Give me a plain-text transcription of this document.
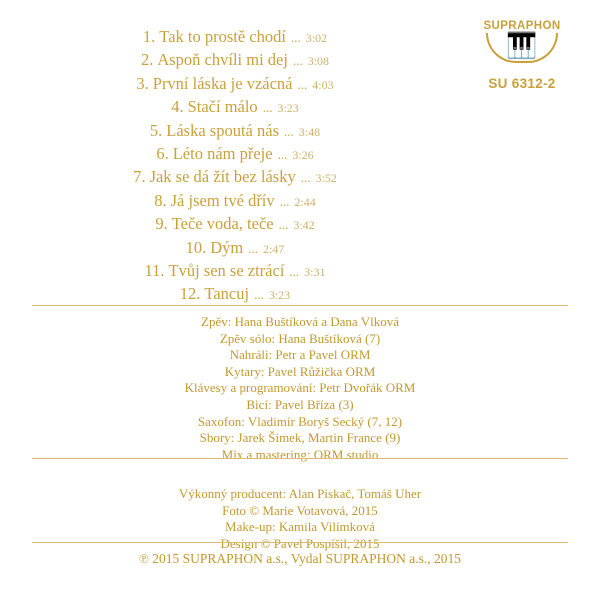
SUPRAPHON
🎹
SU 6312-2
1. Tak to prostě chodí ... 3:02
2. Aspoň chvíli mi dej ... 3:08
3. První láska je vzácná ... 4:03
4. Stačí málo ... 3:23
5. Láska spoutá nás ... 3:48
6. Léto nám přeje ... 3:26
7. Jak se dá žít bez lásky ... 3:52
8. Já jsem tvé dřív ... 2:44
9. Teče voda, teče ... 3:42
10. Dým ... 2:47
11. Tvůj sen se ztrácí ... 3:31
12. Tancuj ... 3:23
Zpěv: Hana Buštíková a Dana Vlková
Zpěv sólo: Hana Buštíková (7)
Nahráli: Petr a Pavel ORM
Kytary: Pavel Růžička ORM
Klávesy a programování: Petr Dvořák ORM
Bicí: Pavel Bříza (3)
Saxofon: Vladimír Boryš Secký (7, 12)
Sbory: Jarek Šimek, Martin France (9)
Mix a mastering: ORM studio
Výkonný producent: Alan Piskač, Tomáš Uher
Foto © Marie Votavová, 2015
Make-up: Kamila Vilímková
Design © Pavel Pospíšil, 2015
℗ 2015 SUPRAPHON a.s., Vydal SUPRAPHON a.s., 2015
